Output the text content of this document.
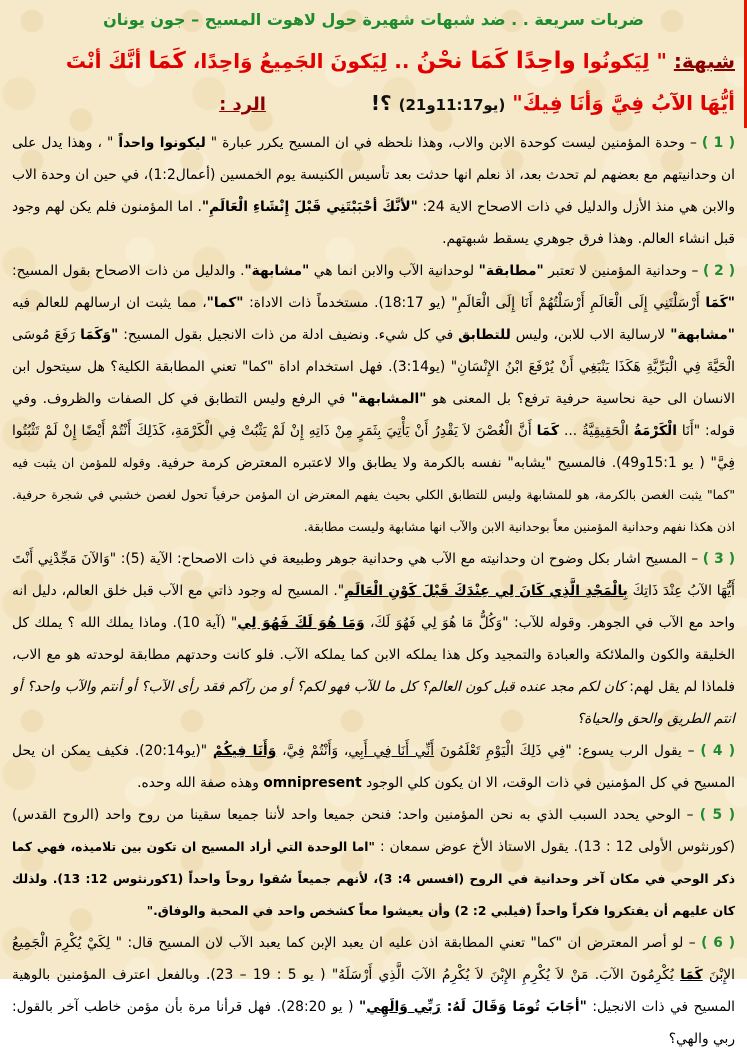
ضربات سريعة . . ضد شبهات شهيرة حول لاهوت المسيح – جون يونان
شبهة: " لِيَكونُوا واحِدًا كَمَا نحْنُ .. لِيَكونَ الجَمِيعُ وَاحِدًا، كَمَا أنَّكَ أنْتَ أيُّهَا الآبُ فِيَّ وَأنَا فِيكَ" (يو11:17و21) ؟!الرد :

( 1 ) – وحدة المؤمنين ليست كوحدة الابن والاب، وهذا نلحظه في ان المسيح يكرر عبارة " ليكونوا واحداً " ، وهذا يدل على ان وحدانيتهم مع بعضهم لم تحدث بعد، اذ نعلم انها حدثت بعد تأسيس الكنيسة يوم الخمسين (أعمال1:2)، في حين ان وحدة الاب والابن هي منذ الأزل والدليل في ذات الاصحاح الاية 24: "لأنَّكَ أحْبَبْتَنِي قَبْلَ إِنْشَاءِ الْعَالَمِ". اما المؤمنون فلم يكن لهم وجود قبل انشاء العالم. وهذا فرق جوهري يسقط شبهتهم.

( 2 ) – وحدانية المؤمنين لا تعتبر "مطابقة" لوحدانية الآب والابن انما هي "مشابهة". والدليل من ذات الاصحاح بقول المسيح: "كَمَا أَرْسَلْتَنِي إِلَى الْعَالَمِ أَرْسَلْتُهُمْ أَنَا إِلَى الْعَالَمِ" (يو 18:17). مستخدماً ذات الاداة: "كما"، مما يثبت ان ارسالهم للعالم فيه "مشابهة" لارسالية الاب للابن، وليس للتطابق في كل شيء. ونضيف ادلة من ذات الانجيل بقول المسيح: "وَكَمَا رَفَعَ مُوسَى الْحَيَّةَ فِي الْبَرِّيَّةِ هَكَذَا يَنْبَغِي أَنْ يُرْفَعَ ابْنُ الإِنْسَانِ" (يو3:14). فهل استخدام اداة "كما" تعني المطابقة الكلية؟ هل سيتحول ابن الانسان الى حية نحاسية حرفية ترفع؟ بل المعنى هو "المشابهة" في الرفع وليس التطابق في كل الصفات والظروف. وفي قوله: "أَنَا الْكَرْمَةُ الْحَقِيقِيَّةُ ... كَمَا أَنَّ الْغُصْنَ لاَ يَقْدِرُ أَنْ يَأْتِيَ بِثَمَرٍ مِنْ ذَاتِهِ إِنْ لَمْ يَثْبُتْ فِي الْكَرْمَةِ، كَذَلِكَ أَنْتُمْ أَيْضًا إِنْ لَمْ تَثْبُتُوا فِيَّ" ( يو 15:1و49). فالمسيح "يشابه" نفسه بالكرمة ولا يطابق والا لاعتبره المعترض كرمة حرفية. وقوله للمؤمن ان يثبت فيه "كما" يثبت الغصن بالكرمة، هو للمشابهة وليس للتطابق الكلي بحيث يفهم المعترض ان المؤمن حرفياً تحول لغصن خشبي في شجرة حرفية. اذن هكذا نفهم وحدانية المؤمنين معاً بوحدانية الابن والآب انها مشابهة وليست مطابقة.

( 3 ) – المسيح اشار بكل وضوح ان وحدانيته مع الآب هي وحدانية جوهر وطبيعة في ذات الاصحاح: الآية (5): "وَالآنَ مَجِّدْنِي أَنْتَ أَيُّهَا الآبُ عِنْدَ ذَاتِكَ بِالْمَجْدِ الَّذِي كَانَ لِي عِنْدَكَ قَبْلَ كَوْنِ الْعَالَمِ". المسيح له وجود ذاتي مع الآب قبل خلق العالم، دليل انه واحد مع الآب في الجوهر. وقوله للآب: "وَكُلُّ مَا هُوَ لِي فَهُوَ لَكَ، وَمَا هُوَ لَكَ فَهُوَ لِي" (آية 10). وماذا يملك الله ؟ يملك كل الخليقة والكون والملائكة والعبادة والتمجيد وكل هذا يملكه الابن كما يملكه الآب. فلو كانت وحدتهم مطابقة لوحدته هو مع الاب، فلماذا لم يقل لهم: كان لكم مجد عنده قبل كون العالم؟ كل ما للآب فهو لكم؟ أو من رآكم فقد رأى الآب؟ أو أنتم والآب واحد؟ أو انتم الطريق والحق والحياة؟

( 4 ) – يقول الرب يسوع: "فِي ذَلِكَ الْيَوْمِ تَعْلَمُونَ أَنِّي أَنَا فِي أَبِي، وَأَنْتُمْ فِيَّ، وَأَنَا فِيكُمْ "(يو20:14). فكيف يمكن ان يحل المسيح في كل المؤمنين في ذات الوقت، الا ان يكون كلي الوجود omnipresent وهذه صفة الله وحده.

( 5 ) – الوحي يحدد السبب الذي به نحن المؤمنين واحد: فنحن جميعا واحد لأننا جميعا سقينا من روح واحد (الروح القدس) (كورنثوس الأولى 12 : 13). يقول الاستاذ الأخ عوض سمعان : "اما الوحدة التي أراد المسيح ان تكون بين تلاميذه، فهي كما ذكر الوحي في مكان آخر وحدانية في الروح (افسس 4: 3)، لأنهم جميعاً سُقوا روحاً واحداً (1كورنثوس 12: 13). ولذلك كان عليهم أن يفتكروا فكراً واحداً (فيلبي 2: 2) وأن يعيشوا معاً كشخص واحد في المحبة والوفاق."

( 6 ) – لو أصر المعترض ان "كما" تعني المطابقة اذن عليه ان يعبد الإبن كما يعبد الآب لان المسيح قال: " لِكَيْ يُكْرِمَ الْجَمِيعُ الإِبْنَ كَمَا يُكْرِمُونَ الآبَ. مَنْ لاَ يُكْرِمِ الإِبْنَ لاَ يُكْرِمُ الآبَ الَّذِي أَرْسَلَهُ" ( يو 5 : 19 – 23). وبالفعل اعترف المؤمنين بالوهية المسيح في ذات الانجيل: "أجَابَ تُومَا وَقَالَ لَهُ: رَبِّي وَالَهِي" ( يو 28:20). فهل قرأنا مرة بأن مؤمن خاطب آخر بالقول: ربي والهي؟
